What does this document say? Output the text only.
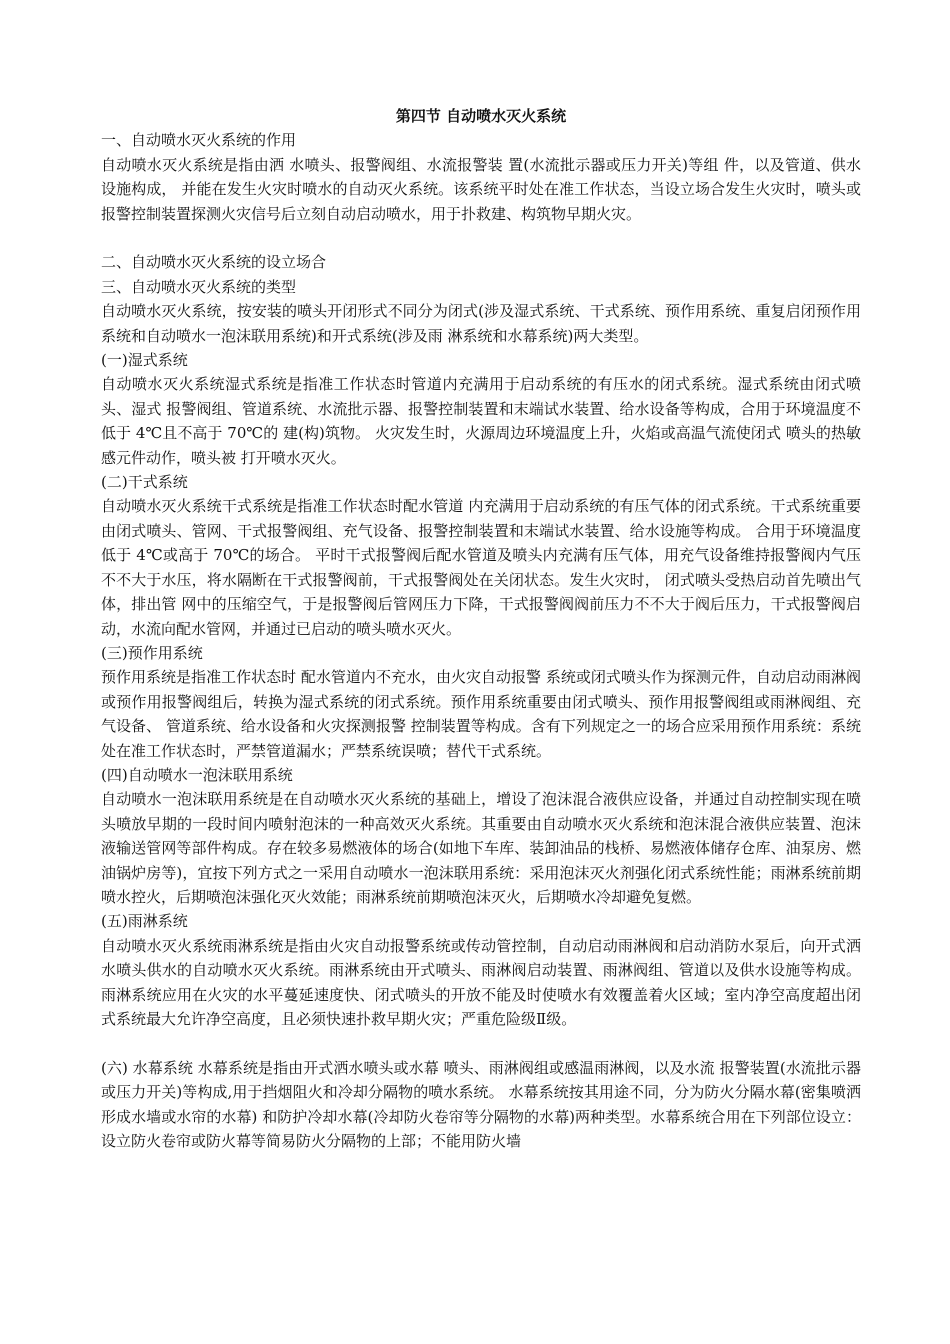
第四节 自动喷水灭火系统

一、自动喷水灭火系统的作用

自动喷水灭火系统是指由洒 水喷头、报警阀组、水流报警装 置(水流批示器或压力开关)等组 件，以及管道、供水设施构成， 并能在发生火灾时喷水的自动灭火系统。该系统平时处在准工作状态，当设立场合发生火灾时，喷头或报警控制装置探测火灾信号后立刻自动启动喷水，用于扑救建、构筑物早期火灾。

二、自动喷水灭火系统的设立场合

三、自动喷水灭火系统的类型

自动喷水灭火系统，按安装的喷头开闭形式不同分为闭式(涉及湿式系统、干式系统、预作用系统、重复启闭预作用系统和自动喷水一泡沫联用系统)和开式系统(涉及雨 淋系统和水幕系统)两大类型。

(一)湿式系统

自动喷水灭火系统湿式系统是指准工作状态时管道内充满用于启动系统的有压水的闭式系统。湿式系统由闭式喷头、湿式 报警阀组、管道系统、水流批示器、报警控制装置和末端试水装置、给水设备等构成，合用于环境温度不低于 4℃且不高于 70℃的 建(构)筑物。 火灾发生时，火源周边环境温度上升，火焰或高温气流使闭式 喷头的热敏感元件动作，喷头被 打开喷水灭火。

(二)干式系统

自动喷水灭火系统干式系统是指准工作状态时配水管道 内充满用于启动系统的有压气体的闭式系统。干式系统重要由闭式喷头、管网、干式报警阀组、充气设备、报警控制装置和末端试水装置、给水设施等构成。 合用于环境温度低于 4℃或高于 70℃的场合。 平时干式报警阀后配水管道及喷头内充满有压气体，用充气设备维持报警阀内气压不不大于水压，将水隔断在干式报警阀前，干式报警阀处在关闭状态。发生火灾时， 闭式喷头受热启动首先喷出气体，排出管 网中的压缩空气，于是报警阀后管网压力下降，干式报警阀阀前压力不不大于阀后压力，干式报警阀启动，水流向配水管网，并通过已启动的喷头喷水灭火。

(三)预作用系统

预作用系统是指准工作状态时 配水管道内不充水，由火灾自动报警 系统或闭式喷头作为探测元件，自动启动雨淋阀或预作用报警阀组后，转换为湿式系统的闭式系统。预作用系统重要由闭式喷头、预作用报警阀组或雨淋阀组、充气设备、 管道系统、给水设备和火灾探测报警 控制装置等构成。含有下列规定之一的场合应采用预作用系统：系统处在准工作状态时，严禁管道漏水；严禁系统误喷；替代干式系统。

(四)自动喷水一泡沫联用系统

自动喷水一泡沫联用系统是在自动喷水灭火系统的基础上，增设了泡沫混合液供应设备，并通过自动控制实现在喷头喷放早期的一段时间内喷射泡沫的一种高效灭火系统。其重要由自动喷水灭火系统和泡沫混合液供应装置、泡沫液输送管网等部件构成。存在较多易燃液体的场合(如地下车库、装卸油品的栈桥、易燃液体储存仓库、油泵房、燃油锅炉房等)，宜按下列方式之一采用自动喷水一泡沫联用系统：采用泡沫灭火剂强化闭式系统性能；雨淋系统前期喷水控火，后期喷泡沫强化灭火效能；雨淋系统前期喷泡沫灭火，后期喷水冷却避免复燃。

(五)雨淋系统

自动喷水灭火系统雨淋系统是指由火灾自动报警系统或传动管控制，自动启动雨淋阀和启动消防水泵后，向开式洒水喷头供水的自动喷水灭火系统。雨淋系统由开式喷头、雨淋阀启动装置、雨淋阀组、管道以及供水设施等构成。雨淋系统应用在火灾的水平蔓延速度快、闭式喷头的开放不能及时使喷水有效覆盖着火区域；室内净空高度超出闭式系统最大允许净空高度，且必须快速扑救早期火灾；严重危险级Ⅱ级。

(六) 水幕系统 水幕系统是指由开式洒水喷头或水幕 喷头、雨淋阀组或感温雨淋阀，以及水流 报警装置(水流批示器或压力开关)等构成,用于挡烟阻火和冷却分隔物的喷水系统。 水幕系统按其用途不同，分为防火分隔水幕(密集喷洒形成水墙或水帘的水幕) 和防护冷却水幕(冷却防火卷帘等分隔物的水幕)两种类型。水幕系统合用在下列部位设立：设立防火卷帘或防火幕等简易防火分隔物的上部；不能用防火墙
